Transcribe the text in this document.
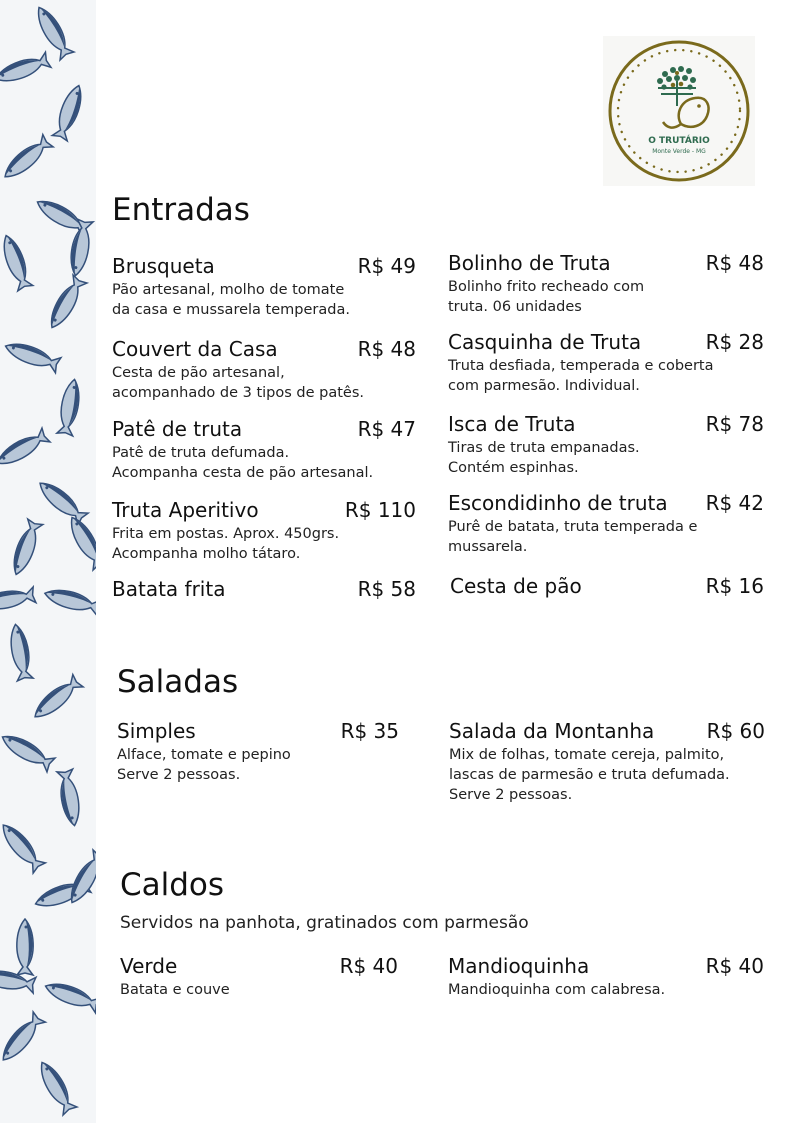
O TRUTÁRIO
Monte Verde - MG
Entradas
Brusqueta	R$ 49
Pão artesanal, molho de tomate
da casa e mussarela temperada.
Couvert da Casa	R$ 48
Cesta de pão artesanal,
acompanhado de 3 tipos de patês.
Patê de truta	R$ 47
Patê de truta defumada.
Acompanha cesta de pão artesanal.
Truta Aperitivo	R$ 110
Frita em postas. Aprox. 450grs.
Acompanha molho tátaro.
Batata frita	R$ 58
Bolinho de Truta	R$ 48
Bolinho frito recheado com
truta. 06 unidades
Casquinha de Truta	R$ 28
Truta desfiada, temperada e coberta
com parmesão. Individual.
Isca de Truta	R$ 78
Tiras de truta empanadas.
Contém espinhas.
Escondidinho de truta R$ 42
Purê de batata, truta temperada e
mussarela.
Cesta de pão	R$ 16
Saladas
Simples	R$ 35
Alface, tomate e pepino
Serve 2 pessoas.
Salada da Montanha	R$ 60
Mix de folhas, tomate cereja, palmito,
lascas de parmesão e truta defumada.
Serve 2 pessoas.
Caldos
Servidos na panhota, gratinados com parmesão
Verde	R$ 40
Batata e couve
Mandioquinha	R$ 40
Mandioquinha com calabresa.
